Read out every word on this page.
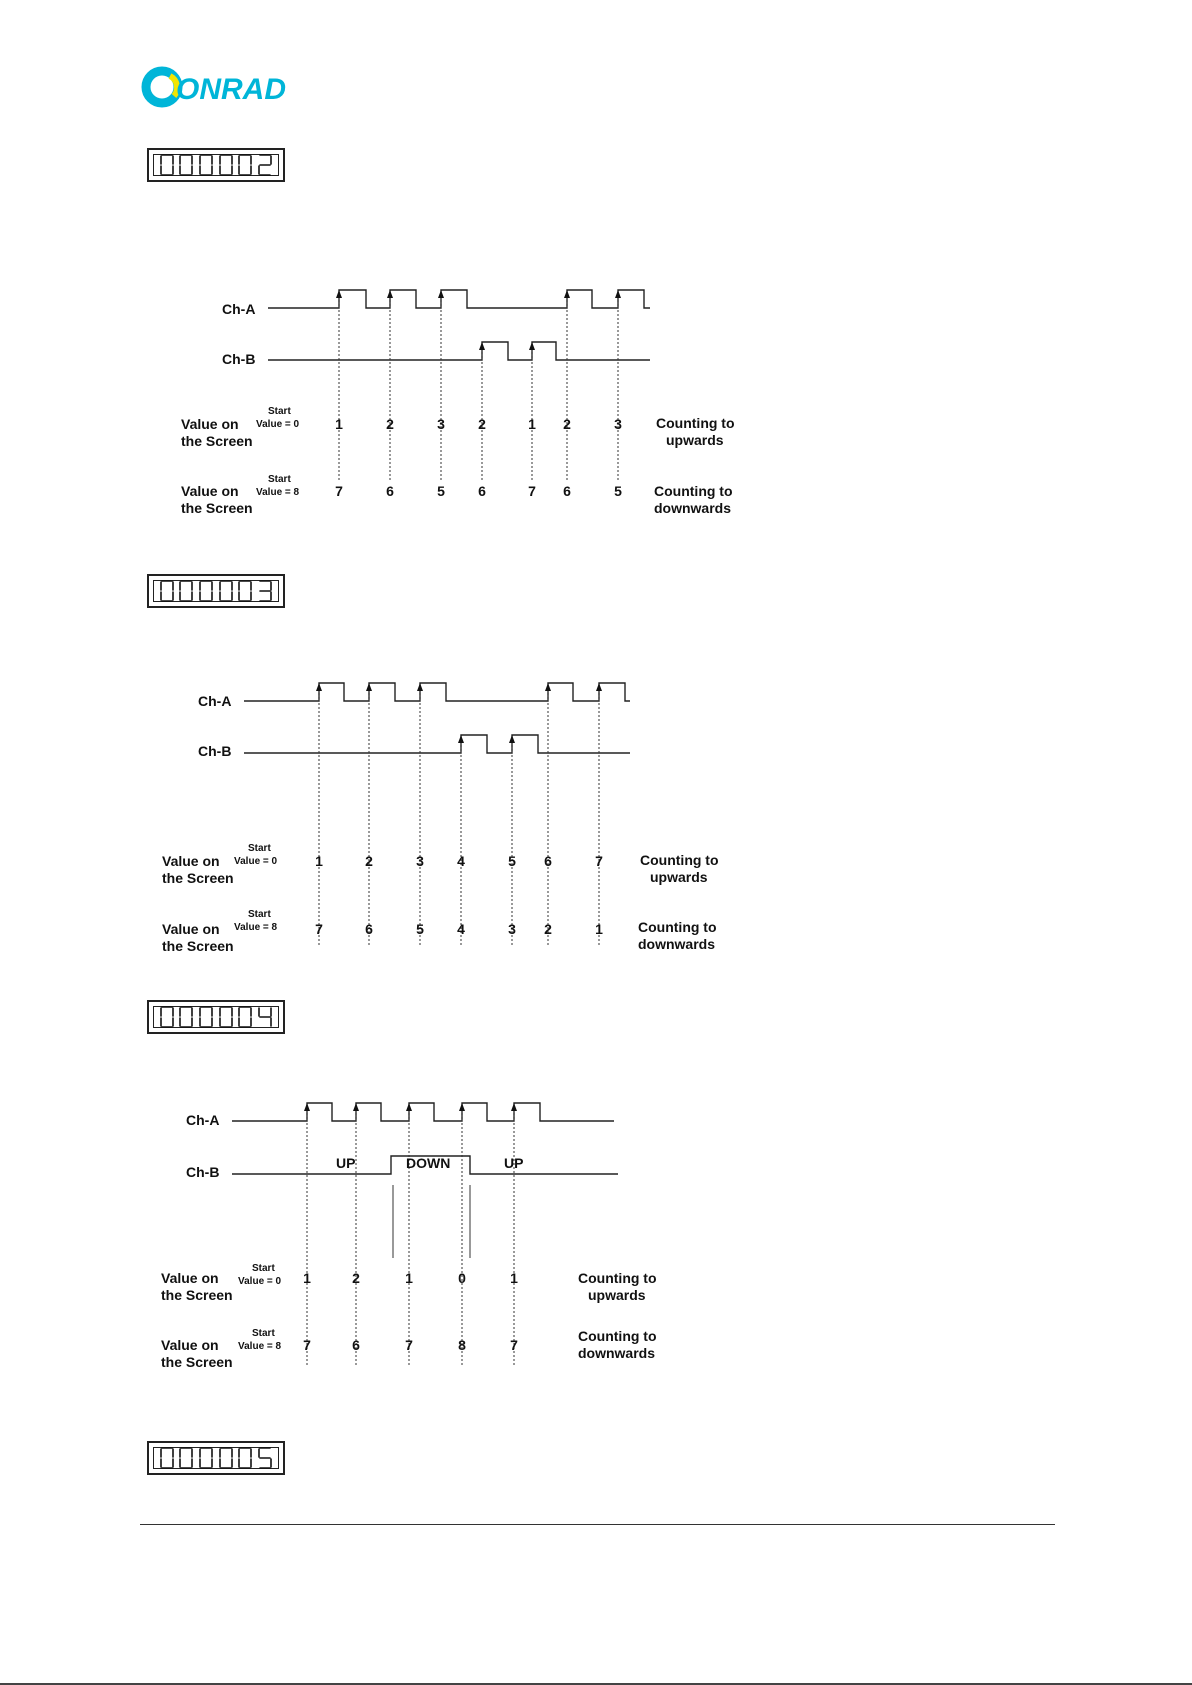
ONRAD
Ch-A
Ch-B
1
7
2
6
3
5
2
6
1
7
2
6
3
5
Start
Value = 0
Value on
the Screen
Counting to
upwards
Start
Value = 8
Value on
the Screen
Counting to
downwards
Ch-A
Ch-B
1
7
2
6
3
5
4
4
5
3
6
2
7
1
Start
Value = 0
Value on
the Screen
Counting to
upwards
Start
Value = 8
Value on
the Screen
Counting to
downwards
Ch-A
Ch-B
1
7
2
6
1
7
0
8
1
7
UP	DOWN	UP
Start
Value = 0
Value on
the Screen
Counting to
upwards
Start
Value = 8
Value on
the Screen
Counting to
downwards
